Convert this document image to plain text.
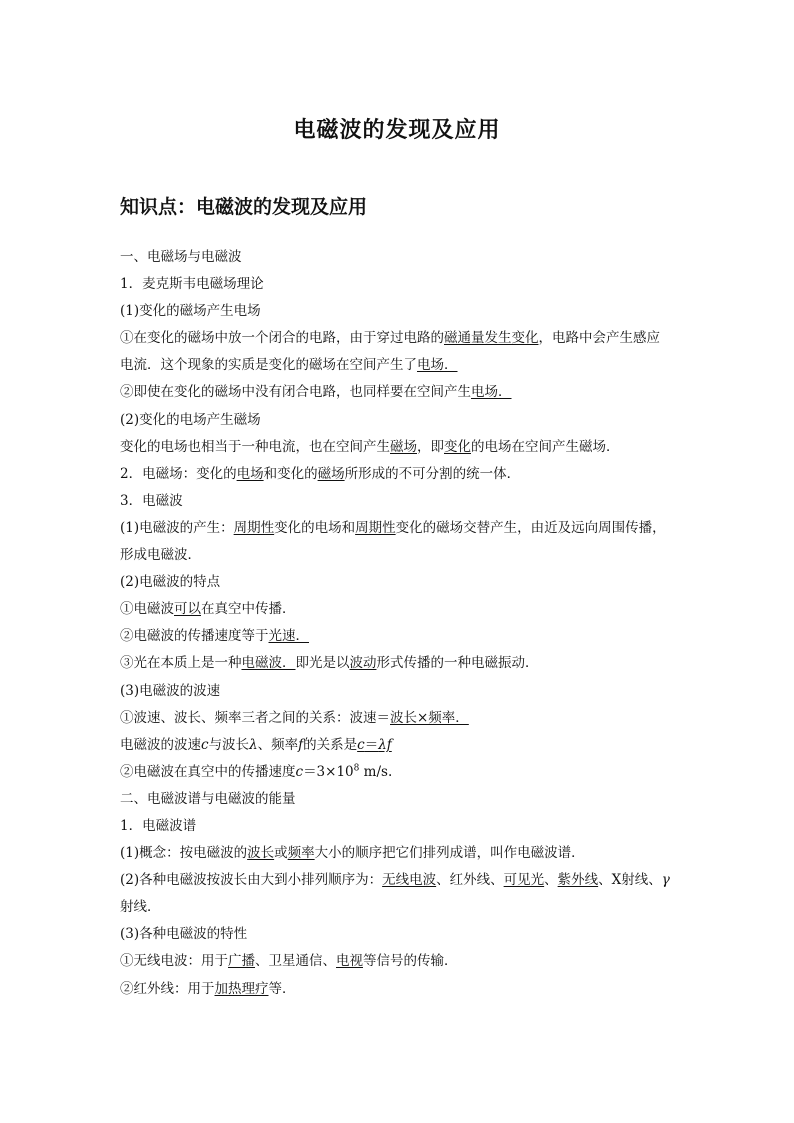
电磁波的发现及应用
知识点：电磁波的发现及应用
一、电磁场与电磁波
1．麦克斯韦电磁场理论
(1)变化的磁场产生电场
①在变化的磁场中放一个闭合的电路，由于穿过电路的磁通量发生变化，电路中会产生感应
电流．这个现象的实质是变化的磁场在空间产生了电场．
②即使在变化的磁场中没有闭合电路，也同样要在空间产生电场．
(2)变化的电场产生磁场
变化的电场也相当于一种电流，也在空间产生磁场，即变化的电场在空间产生磁场．
2．电磁场：变化的电场和变化的磁场所形成的不可分割的统一体．
3．电磁波
(1)电磁波的产生：周期性变化的电场和周期性变化的磁场交替产生，由近及远向周围传播，
形成电磁波．
(2)电磁波的特点
①电磁波可以在真空中传播．
②电磁波的传播速度等于光速．
③光在本质上是一种电磁波．即光是以波动形式传播的一种电磁振动．
(3)电磁波的波速
①波速、波长、频率三者之间的关系：波速＝波长×频率．
电磁波的波速c与波长λ、频率f的关系是c＝λf
②电磁波在真空中的传播速度$c=3\times 10^8$ m/s.
二、电磁波谱与电磁波的能量
1．电磁波谱
(1)概念：按电磁波的波长或频率大小的顺序把它们排列成谱，叫作电磁波谱．
(2)各种电磁波按波长由大到小排列顺序为：无线电波、红外线、可见光、紫外线、X射线、γ
射线．
(3)各种电磁波的特性
①无线电波：用于广播、卫星通信、电视等信号的传输．
②红外线：用于加热理疗等．
